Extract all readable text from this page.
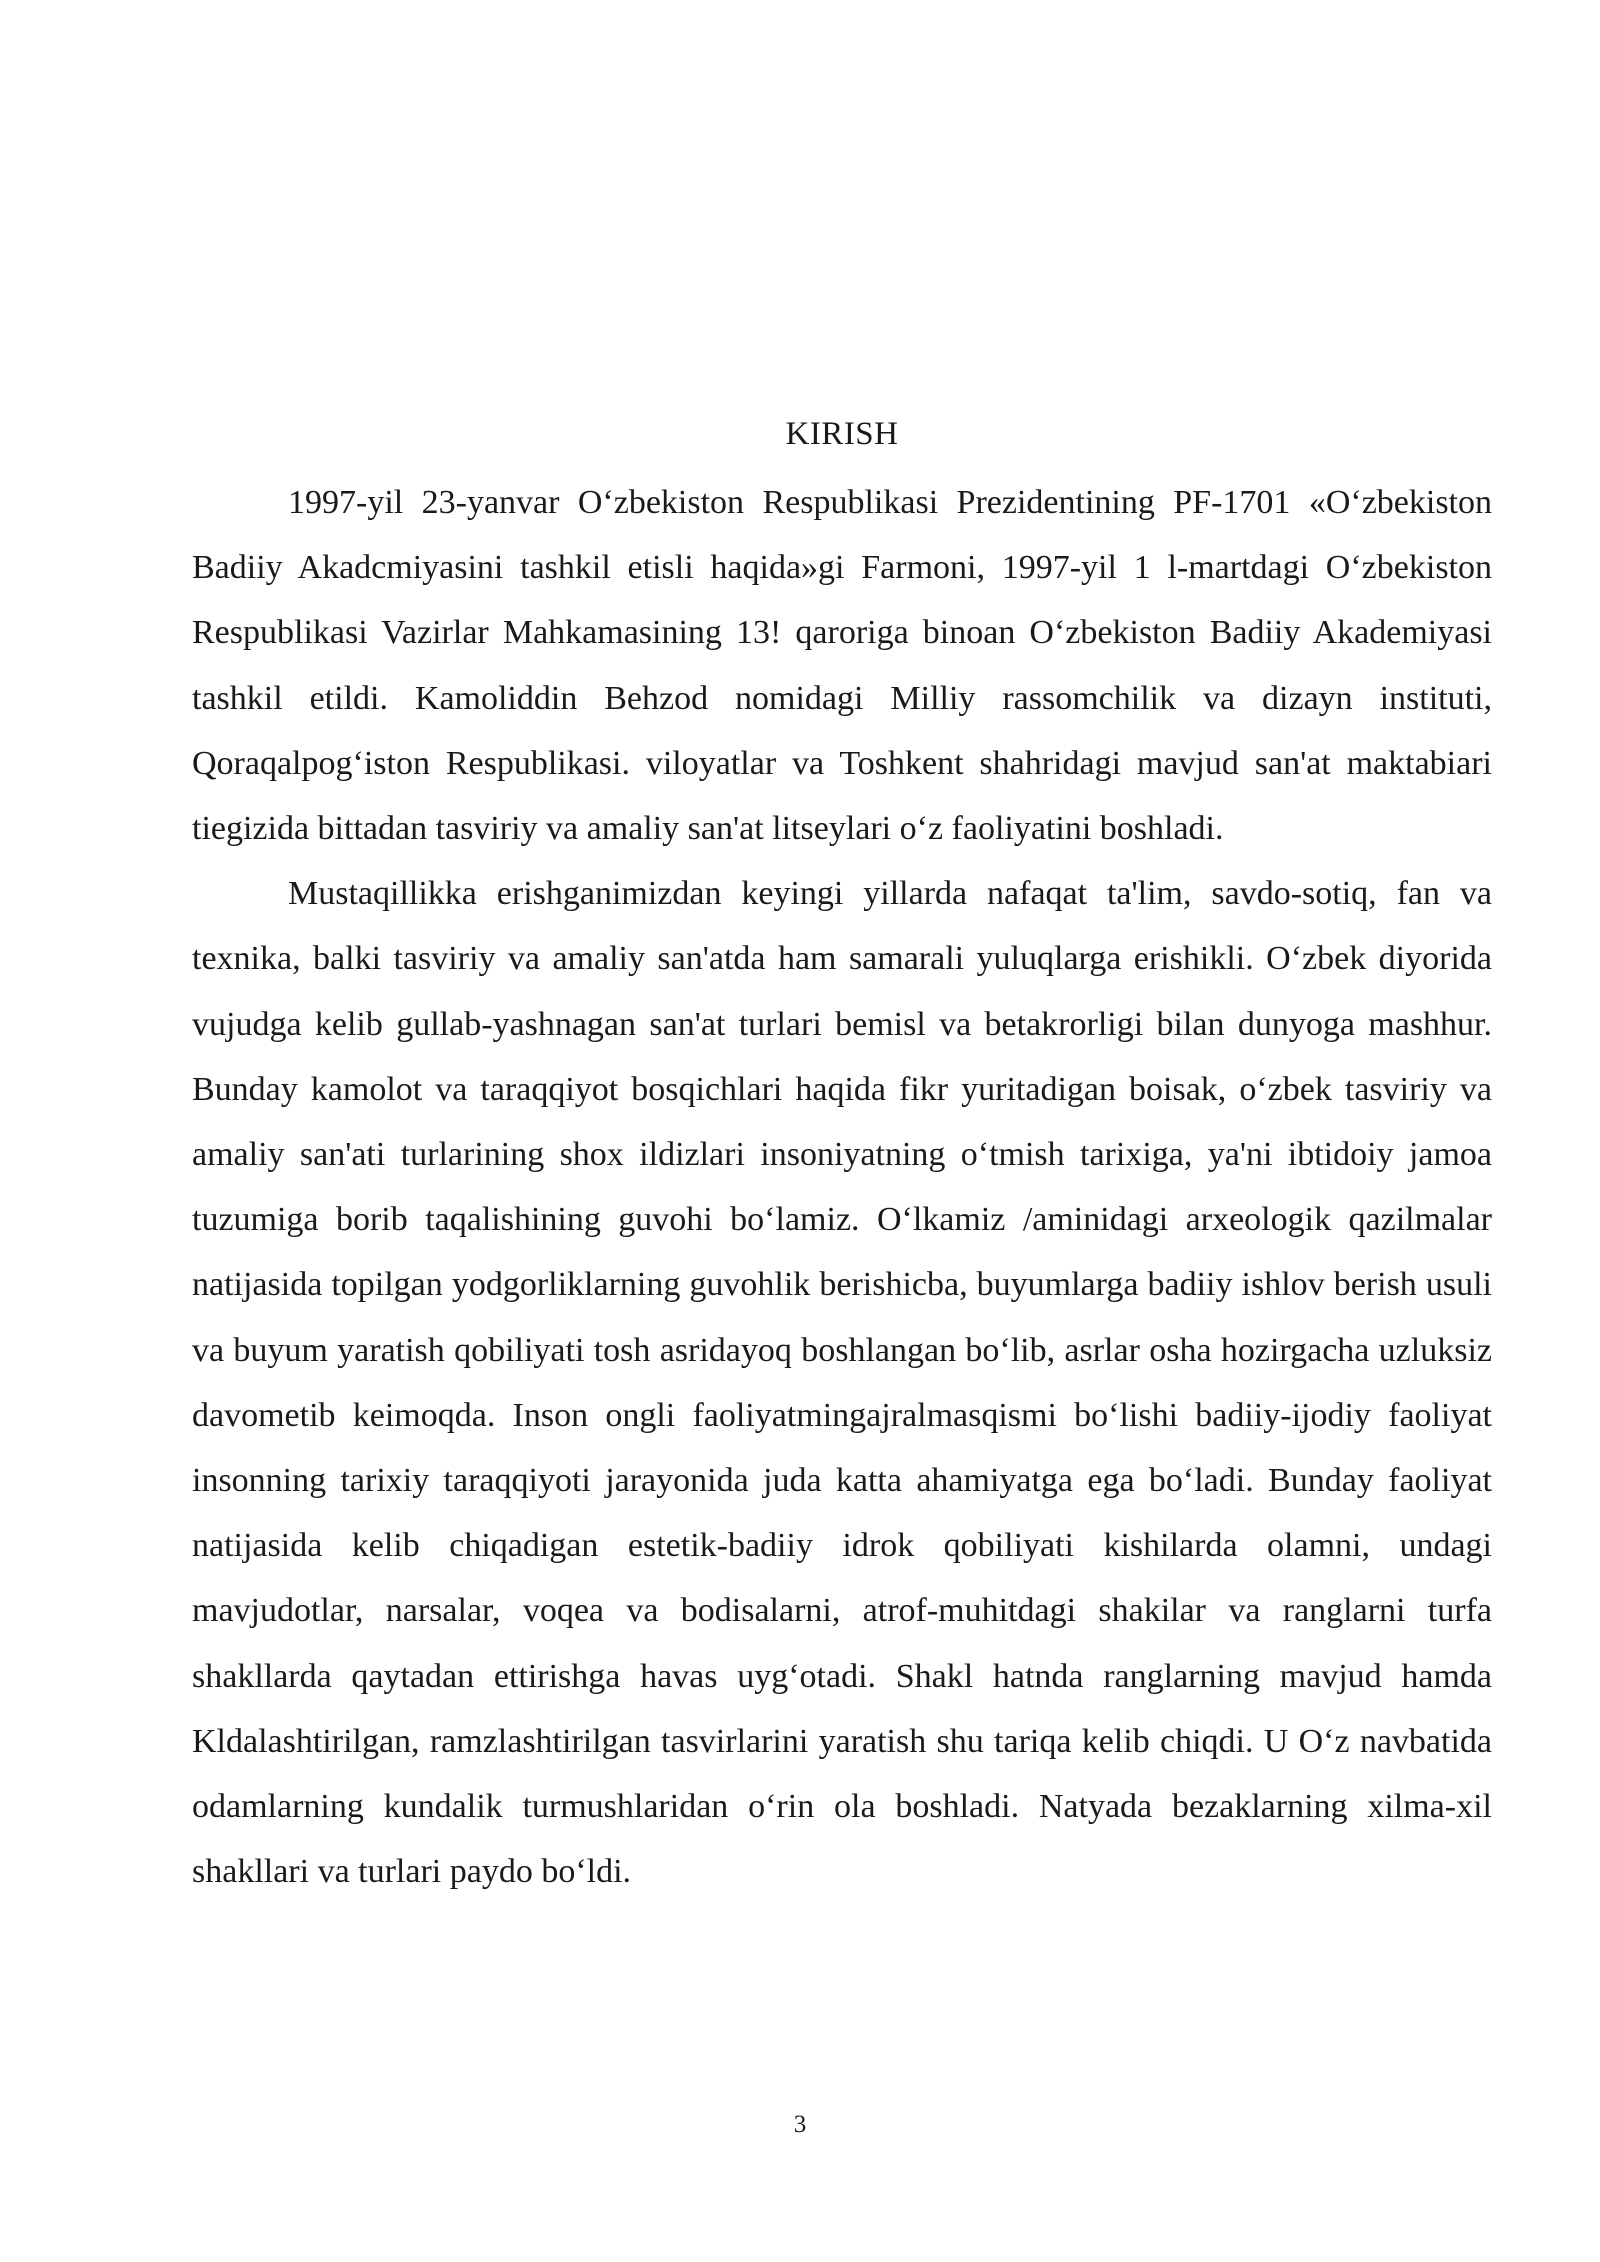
KIRISH

1997-yil 23-yanvar O‘zbekiston Respublikasi Prezidentining PF-1701 «O‘zbekiston Badiiy Akadcmiyasini tashkil etisli haqida»gi Farmoni, 1997-yil 1 l-martdagi O‘zbekiston Respublikasi Vazirlar Mahkamasining 13! qaroriga binoan O‘zbekiston Badiiy Akademiyasi tashkil etildi. Kamoliddin Behzod nomidagi Milliy rassomchilik va dizayn instituti, Qoraqalpog‘iston Respublikasi. viloyatlar va Toshkent shahridagi mavjud san'at maktabiari tiegizida bittadan tasviriy va amaliy san'at litseylari o‘z faoliyatini boshladi.

Mustaqillikka erishganimizdan keyingi yillarda nafaqat ta'lim, savdo-sotiq, fan va texnika, balki tasviriy va amaliy san'atda ham samarali yuluqlarga erishikli. O‘zbek diyorida vujudga kelib gullab-yashnagan san'at turlari bemisl va betakrorligi bilan dunyoga mashhur. Bunday kamolot va taraqqiyot bosqichlari haqida fikr yuritadigan boisak, o‘zbek tasviriy va amaliy san'ati turlarining shox ildizlari insoniyatning o‘tmish tarixiga, ya'ni ibtidoiy jamoa tuzumiga borib taqalishining guvohi bo‘lamiz. O‘lkamiz /aminidagi arxeologik qazilmalar natijasida topilgan yodgorliklarning guvohlik berishicba, buyumlarga badiiy ishlov berish usuli va buyum yaratish qobiliyati tosh asridayoq boshlangan bo‘lib, asrlar osha hozirgacha uzluksiz davometib keimoqda. Inson ongli faoliyatmingajralmasqismi bo‘lishi badiiy-ijodiy faoliyat insonning tarixiy taraqqiyoti jarayonida juda katta ahamiyatga ega bo‘ladi. Bunday faoliyat natijasida kelib chiqadigan estetik-badiiy idrok qobiliyati kishilarda olamni, undagi mavjudotlar, narsalar, voqea va bodisalarni, atrof-muhitdagi shakilar va ranglarni turfa shakllarda qaytadan ettirishga havas uyg‘otadi. Shakl hatnda ranglarning mavjud hamda Kldalashtirilgan, ramzlashtirilgan tasvirlarini yaratish shu tariqa kelib chiqdi. U O‘z navbatida odamlarning kundalik turmushlaridan o‘rin ola boshladi. Natyada bezaklarning xilma-xil shakllari va turlari paydo bo‘ldi.

3
